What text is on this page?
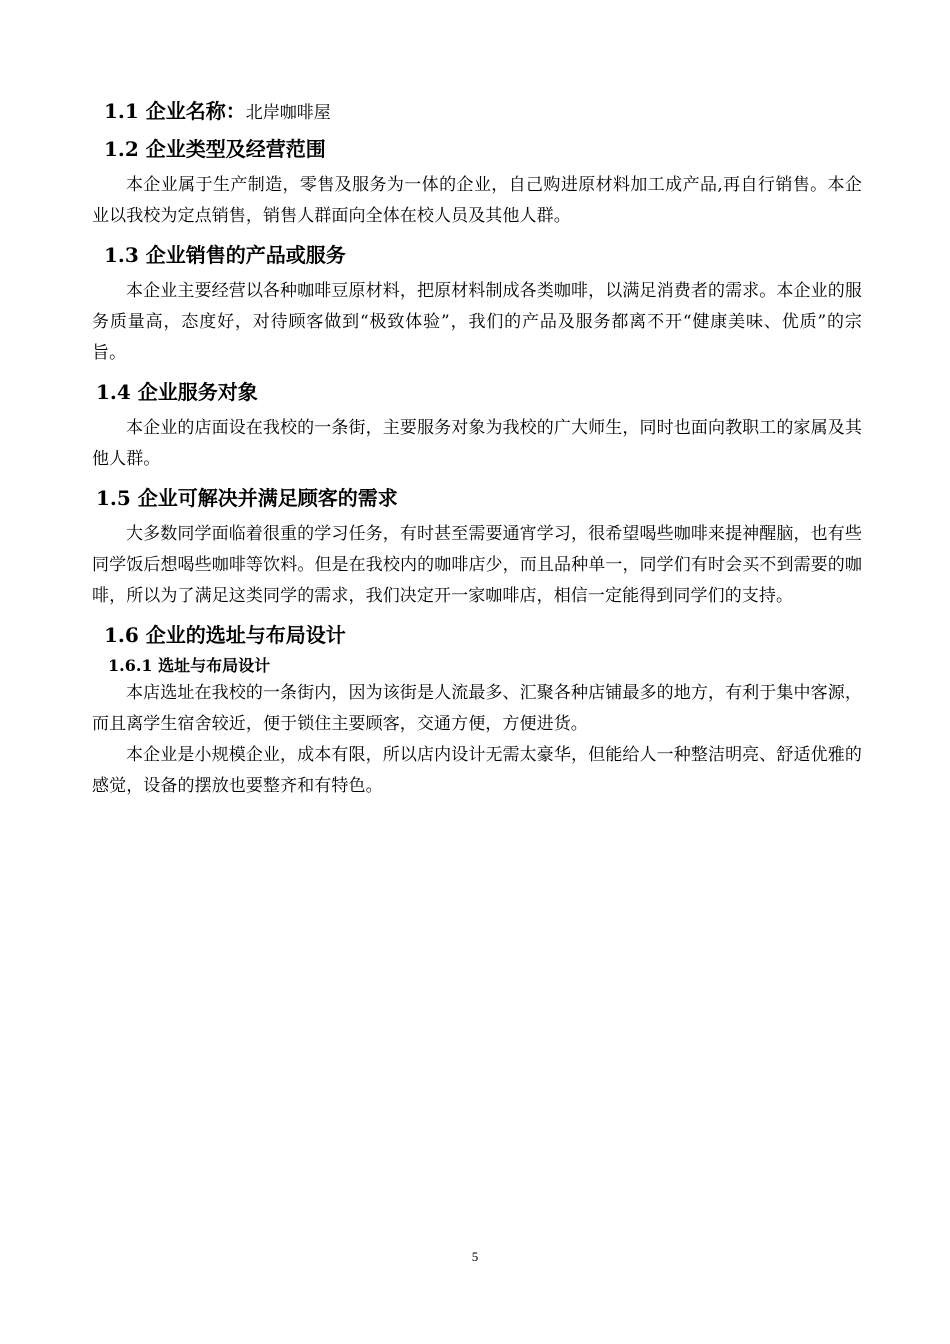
1.1 企业名称：北岸咖啡屋
1.2 企业类型及经营范围

本企业属于生产制造，零售及服务为一体的企业，自己购进原材料加工成产品,再自行销售。本企业以我校为定点销售，销售人群面向全体在校人员及其他人群。

1.3 企业销售的产品或服务

本企业主要经营以各种咖啡豆原材料，把原材料制成各类咖啡，以满足消费者的需求。本企业的服务质量高，态度好，对待顾客做到“极致体验”，我们的产品及服务都离不开“健康美味、优质”的宗旨。

1.4 企业服务对象

本企业的店面设在我校的一条街，主要服务对象为我校的广大师生，同时也面向教职工的家属及其他人群。

1.5 企业可解决并满足顾客的需求

大多数同学面临着很重的学习任务，有时甚至需要通宵学习，很希望喝些咖啡来提神醒脑，也有些同学饭后想喝些咖啡等饮料。但是在我校内的咖啡店少，而且品种单一，同学们有时会买不到需要的咖啡，所以为了满足这类同学的需求，我们决定开一家咖啡店，相信一定能得到同学们的支持。

1.6 企业的选址与布局设计
1.6.1 选址与布局设计

本店选址在我校的一条街内，因为该街是人流最多、汇聚各种店铺最多的地方，有利于集中客源，而且离学生宿舍较近，便于锁住主要顾客，交通方便，方便进货。

本企业是小规模企业，成本有限，所以店内设计无需太豪华，但能给人一种整洁明亮、舒适优雅的感觉，设备的摆放也要整齐和有特色。

5
